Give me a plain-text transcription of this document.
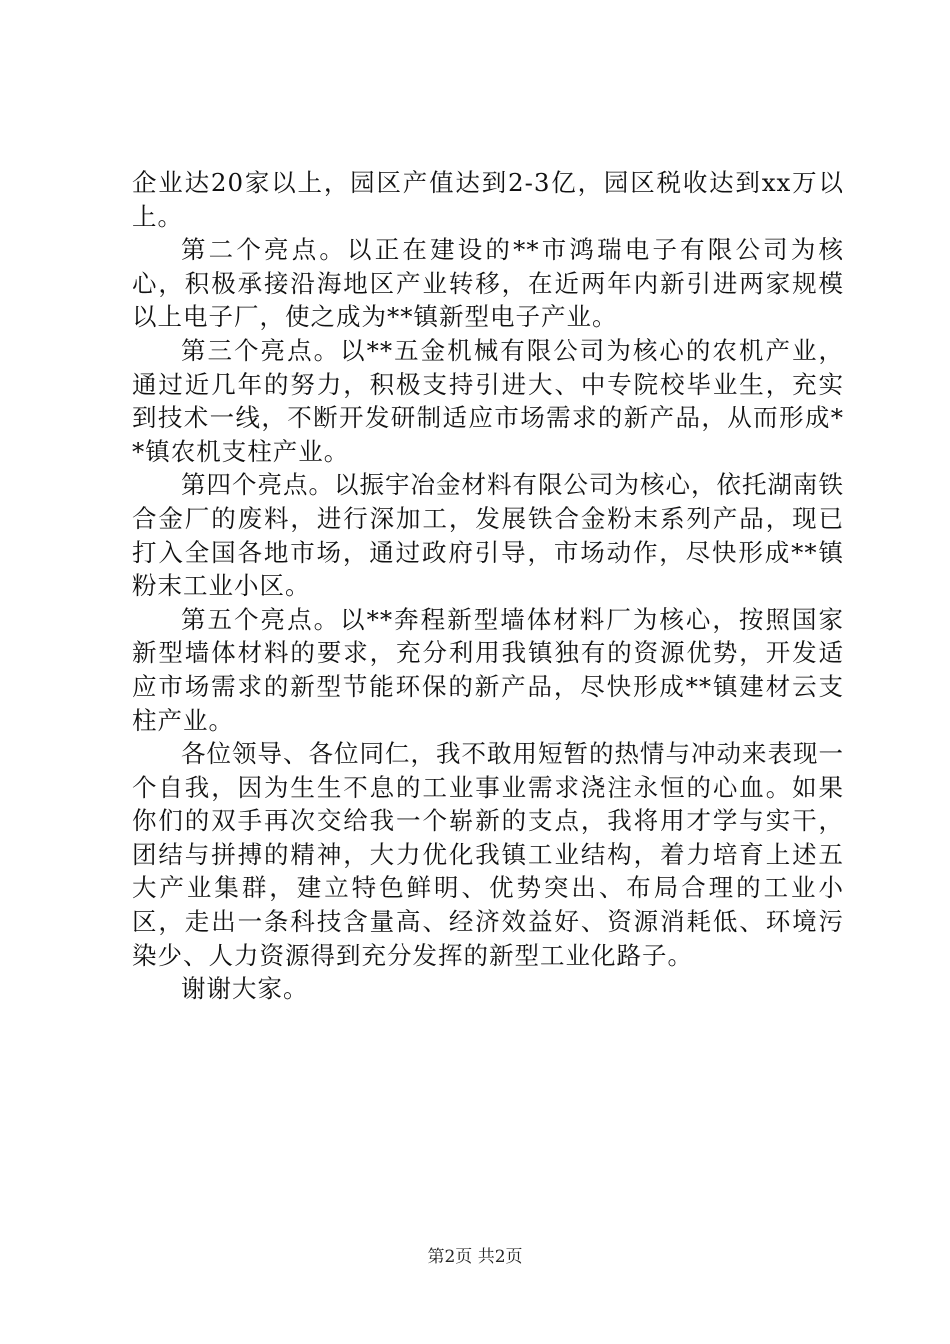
企业达20家以上，园区产值达到2-3亿，园区税收达到xx万以上。

第二个亮点。以正在建设的**市鸿瑞电子有限公司为核心，积极承接沿海地区产业转移，在近两年内新引进两家规模以上电子厂，使之成为**镇新型电子产业。

第三个亮点。以**五金机械有限公司为核心的农机产业，通过近几年的努力，积极支持引进大、中专院校毕业生，充实到技术一线，不断开发研制适应市场需求的新产品，从而形成**镇农机支柱产业。

第四个亮点。以振宇冶金材料有限公司为核心，依托湖南铁合金厂的废料，进行深加工，发展铁合金粉末系列产品，现已打入全国各地市场，通过政府引导，市场动作，尽快形成**镇粉末工业小区。

第五个亮点。以**奔程新型墙体材料厂为核心，按照国家新型墙体材料的要求，充分利用我镇独有的资源优势，开发适应市场需求的新型节能环保的新产品，尽快形成**镇建材云支柱产业。

各位领导、各位同仁，我不敢用短暂的热情与冲动来表现一个自我，因为生生不息的工业事业需求浇注永恒的心血。如果你们的双手再次交给我一个崭新的支点，我将用才学与实干，团结与拼搏的精神，大力优化我镇工业结构，着力培育上述五大产业集群，建立特色鲜明、优势突出、布局合理的工业小区，走出一条科技含量高、经济效益好、资源消耗低、环境污染少、人力资源得到充分发挥的新型工业化路子。

谢谢大家。

第2页 共2页
